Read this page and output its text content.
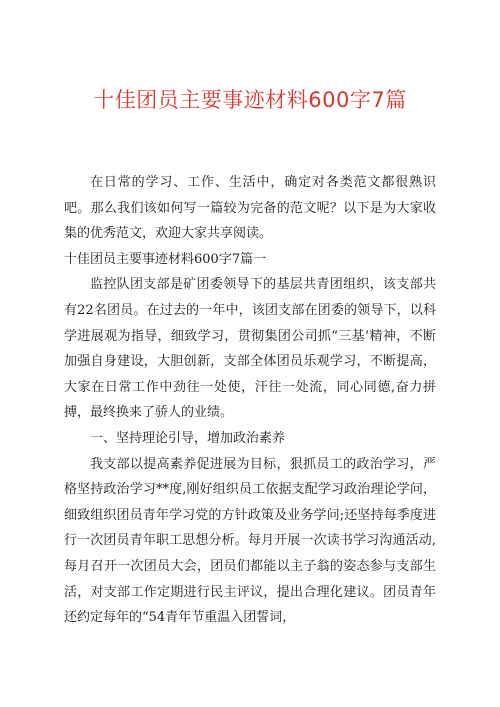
十佳团员主要事迹材料600字7篇

在日常的学习、工作、生活中，确定对各类范文都很熟识吧。那么我们该如何写一篇较为完备的范文呢？以下是为大家收集的优秀范文，欢迎大家共享阅读。

十佳团员主要事迹材料600字7篇一

监控队团支部是矿团委领导下的基层共青团组织，该支部共有22名团员。在过去的一年中，该团支部在团委的领导下，以科学进展观为指导，细致学习，贯彻集团公司抓“三基’精神，不断加强自身建设，大胆创新，支部全体团员乐观学习，不断提高，大家在日常工作中劲往一处使，汗往一处流，同心同德,奋力拼搏，最终换来了骄人的业绩。

一、坚持理论引导，增加政治素养

我支部以提高素养促进展为目标，狠抓员工的政治学习，严格坚持政治学习**度,刚好组织员工依据支配学习政治理论学问，细致组织团员青年学习党的方针政策及业务学问;还坚持每季度进行一次团员青年职工思想分析。每月开展一次读书学习沟通活动,每月召开一次团员大会，团员们都能以主子翁的姿态参与支部生活，对支部工作定期进行民主评议，提出合理化建议。团员青年还约定每年的“54青年节重温入团誓词，
